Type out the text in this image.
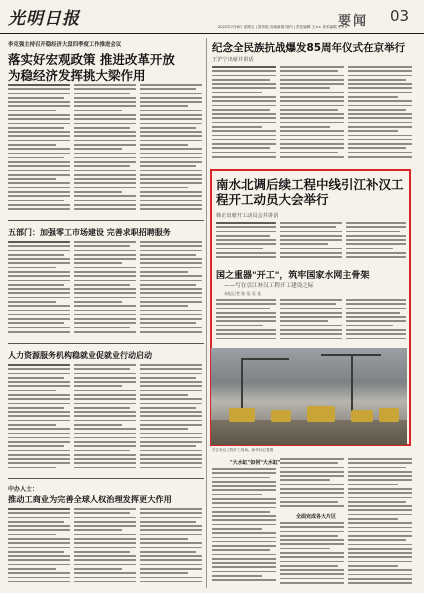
光明日报	2022年7月8日 星期五 | 国务院·各地新闻·国内 | 责任编辑 王×× 美术编辑 王××
要闻 03
李克强主持召开稳经济大盘四季度工作推进会议
落实好宏观政策 推进改革开放
为稳经济发挥挑大梁作用
五部门：加强零工市场建设 完善求职招聘服务
人力资源服务机构稳就业促就业行动启动
中办人士：
推动工商业为完善全球人权治理发挥更大作用
纪念全民族抗战爆发85周年仪式在京举行
王沪宁出席并讲话
南水北调后续工程中线引江补汉工程开工动员大会举行
韩正出席开工动员会并讲话
国之重器"开工"，筑牢国家水网主骨架
——写在引江补汉工程开工建设之际
本报记者 陈 某 袁 某
引江补汉工程开工现场。新华社记者摄
"大水缸"如何"大水缸"
全面完成各大片区
